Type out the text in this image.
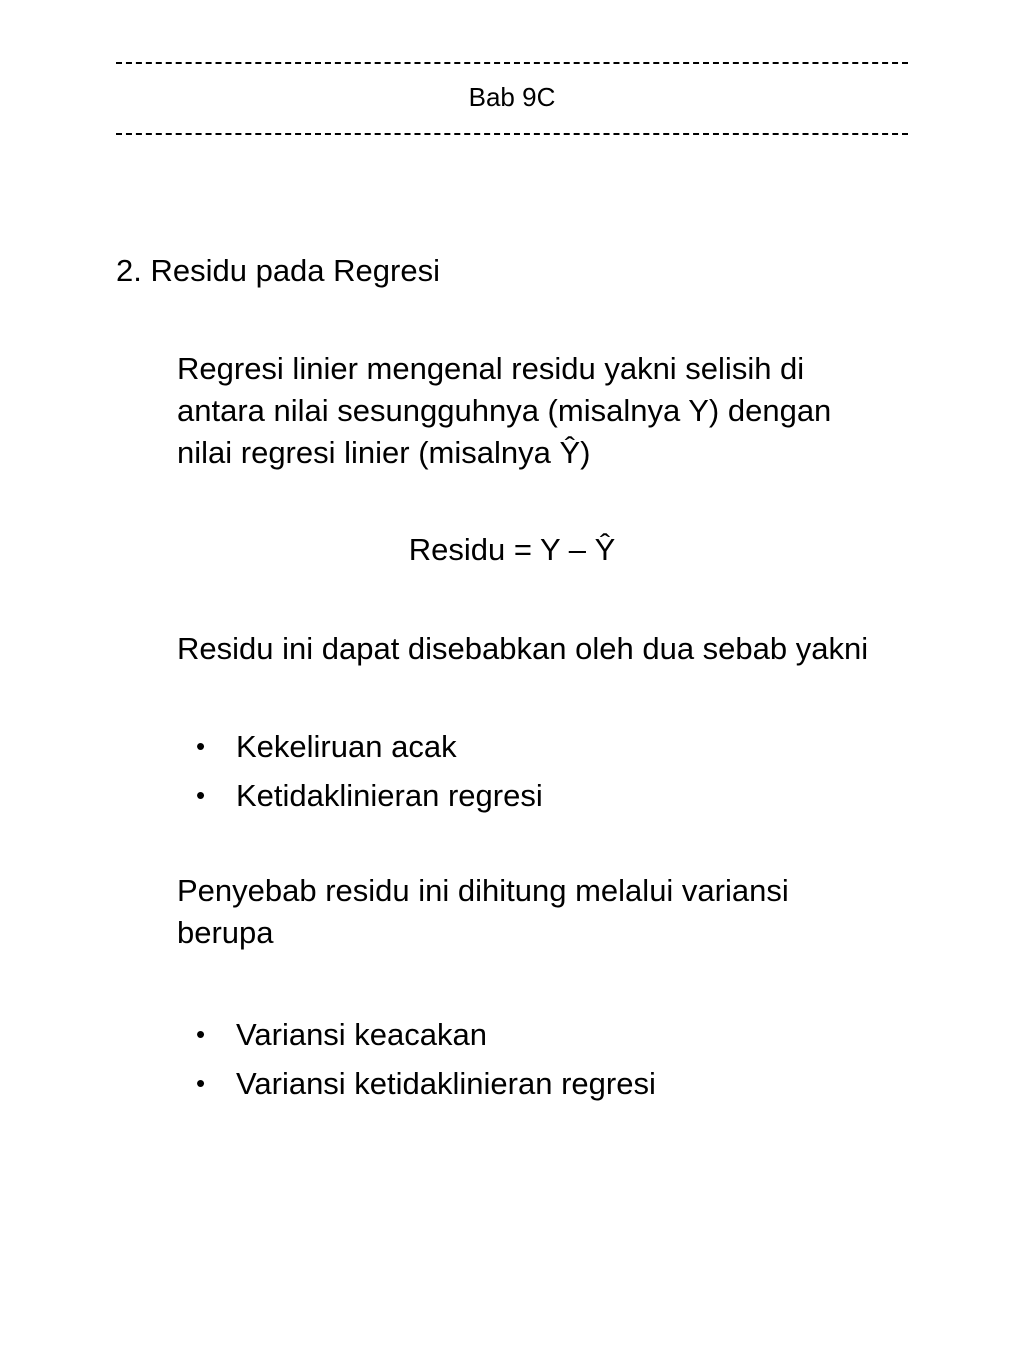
Bab 9C
2. Residu pada Regresi
Regresi linier mengenal residu yakni selisih di
antara nilai sesungguhnya (misalnya Y) dengan
nilai regresi linier (misalnya Ŷ)
Residu = Y – Ŷ
Residu ini dapat disebabkan oleh dua sebab yakni
• Kekeliruan acak
• Ketidaklinieran regresi
Penyebab residu ini dihitung melalui variansi
berupa
• Variansi keacakan
• Variansi ketidaklinieran regresi
